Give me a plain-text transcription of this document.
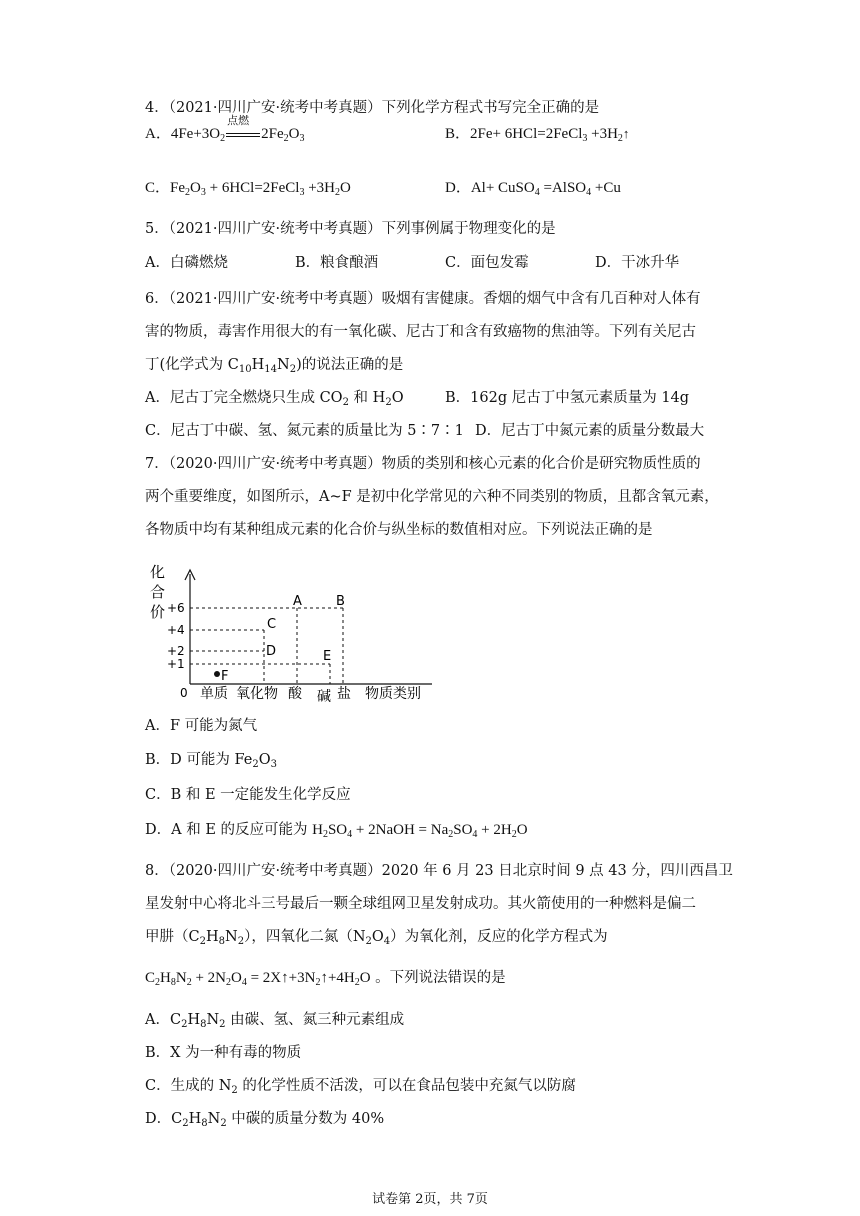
4．（2021·四川广安·统考中考真题）下列化学方程式书写完全正确的是
A．$4Fe+3O_2$
点燃
$2Fe_2O_3$	B．2Fe+ 6HCl=2FeCl$_3$ $+3H_2↑$
C．$Fe_2O_3$ + 6HCl=2FeCl$_3$ $+3H_2O$	D．Al+ CuSO$_4$ =AlSO$_4$ +Cu
5．（2021·四川广安·统考中考真题）下列事例属于物理变化的是
A．白磷燃烧	B．粮食酿酒	C．面包发霉	D．干冰升华
6．（2021·四川广安·统考中考真题）吸烟有害健康。香烟的烟气中含有几百种对人体有
害的物质，毒害作用很大的有一氧化碳、尼古丁和含有致癌物的焦油等。下列有关尼古
丁(化学式为 $C_{10}H_{14}N_2$)的说法正确的是
A．尼古丁完全燃烧只生成 $CO_2$ 和 $H_2O$	B．162g 尼古丁中氢元素质量为 14g
C．尼古丁中碳、氢、氮元素的质量比为 5∶7∶1 D．尼古丁中氮元素的质量分数最大
7．（2020·四川广安·统考中考真题）物质的类别和核心元素的化合价是研究物质性质的
两个重要维度，如图所示，A~F 是初中化学常见的六种不同类别的物质，且都含氧元素，
各物质中均有某种组成元素的化合价与纵坐标的数值相对应。下列说法正确的是
化
合
价 +6
+4
+2
+1
0 单质 氧化物 酸 碱 盐 物质类别
A	B
C
D	E
F
A．F 可能为氮气
B．D 可能为 $Fe_2O_3$
C．B 和 E 一定能发生化学反应
D．A 和 E 的反应可能为 $H_2SO_4$ + 2NaOH = $Na_2SO_4 + 2H_2O$
8．（2020·四川广安·统考中考真题）2020 年 6 月 23 日北京时间 9 点 43 分，四川西昌卫
星发射中心将北斗三号最后一颗全球组网卫星发射成功。其火箭使用的一种燃料是偏二
甲肼$(C_2H_8N_2)$，四氧化二氮$(N_2O_4)$为氧化剂，反应的化学方程式为
$C_2H_8N_2 + 2N_2O_4$ = $2X↑+3N_2↑+4H_2O$ 。下列说法错误的是
A．$C_2H_8N_2$ 由碳、氢、氮三种元素组成
B．X 为一种有毒的物质
C．生成的 $N_2$ 的化学性质不活泼，可以在食品包装中充氮气以防腐
D．$C_2H_8N_2$ 中碳的质量分数为 40%
试卷第 2页，共 7页
